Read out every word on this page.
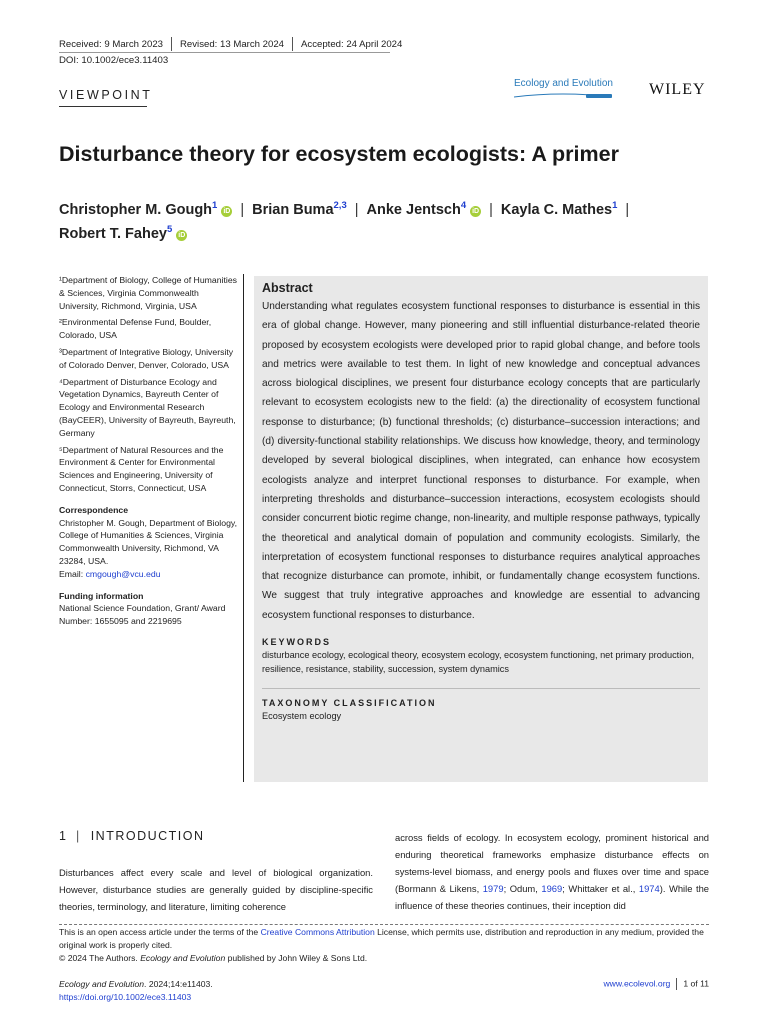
Received: 9 March 2023 Revised: 13 March 2024 Accepted: 24 April 2024
DOI: 10.1002/ece3.11403
VIEWPOINT
Ecology and Evolution WILEY
Disturbance theory for ecosystem ecologists: A primer
Christopher M. Gough$^1$iD | Brian Buma$^{2,3}$ | Anke Jentsch$^4$iD | Kayla C. Mathes$^1$ |
Robert T. Fahey$^5$iD

¹Department of Biology, College of Humanities & Sciences, Virginia Commonwealth University, Richmond, Virginia, USA

²Environmental Defense Fund, Boulder, Colorado, USA

³Department of Integrative Biology, University of Colorado Denver, Denver, Colorado, USA

⁴Department of Disturbance Ecology and Vegetation Dynamics, Bayreuth Center of Ecology and Environmental Research (BayCEER), University of Bayreuth, Bayreuth, Germany

⁵Department of Natural Resources and the Environment & Center for Environmental Sciences and Engineering, University of Connecticut, Storrs, Connecticut, USA

Correspondence

Christopher M. Gough, Department of Biology, College of Humanities & Sciences, Virginia Commonwealth University, Richmond, VA 23284, USA.

Email: cmgough@vcu.edu

Funding information

National Science Foundation, Grant/ Award Number: 1655095 and 2219695

Abstract

Understanding what regulates ecosystem functional responses to disturbance is essential in this era of global change. However, many pioneering and still influential disturbance-related theorie proposed by ecosystem ecologists were developed prior to rapid global change, and before tools and metrics were available to test them. In light of new knowledge and conceptual advances across biological disciplines, we present four disturbance ecology concepts that are particularly relevant to ecosystem ecologists new to the field: (a) the directionality of ecosystem functional response to disturbance; (b) functional thresholds; (c) disturbance–succession interactions; and (d) diversity-functional stability relationships. We discuss how knowledge, theory, and terminology developed by several biological disciplines, when integrated, can enhance how ecosystem ecologists analyze and interpret functional responses to disturbance. For example, when interpreting thresholds and disturbance–succession interactions, ecosystem ecologists should consider concurrent biotic regime change, non-linearity, and multiple response pathways, typically the theoretical and analytical domain of population and community ecologists. Similarly, the interpretation of ecosystem functional responses to disturbance requires analytical approaches that recognize disturbance can promote, inhibit, or fundamentally change ecosystem functions. We suggest that truly integrative approaches and knowledge are essential to advancing ecosystem functional responses to disturbance.

KEYWORDS
disturbance ecology, ecological theory, ecosystem ecology, ecosystem functioning, net primary production, resilience, resistance, stability, succession, system dynamics
TAXONOMY CLASSIFICATION
Ecosystem ecology
1 | INTRODUCTION
Disturbances affect every scale and level of biological organization. However, disturbance studies are generally guided by discipline-specific theories, terminology, and literature, limiting coherence
across fields of ecology. In ecosystem ecology, prominent historical and enduring theoretical frameworks emphasize disturbance effects on systems-level biomass, and energy pools and fluxes over time and space (Bormann & Likens, 1979; Odum, 1969; Whittaker et al., 1974). While the influence of these theories continues, their inception did
This is an open access article under the terms of the Creative Commons Attribution License, which permits use, distribution and reproduction in any medium, provided the original work is properly cited.
© 2024 The Authors. Ecology and Evolution published by John Wiley & Sons Ltd.
Ecology and Evolution. 2024;14:e11403.
https://doi.org/10.1002/ece3.11403
www.ecolevol.org 1 of 11
